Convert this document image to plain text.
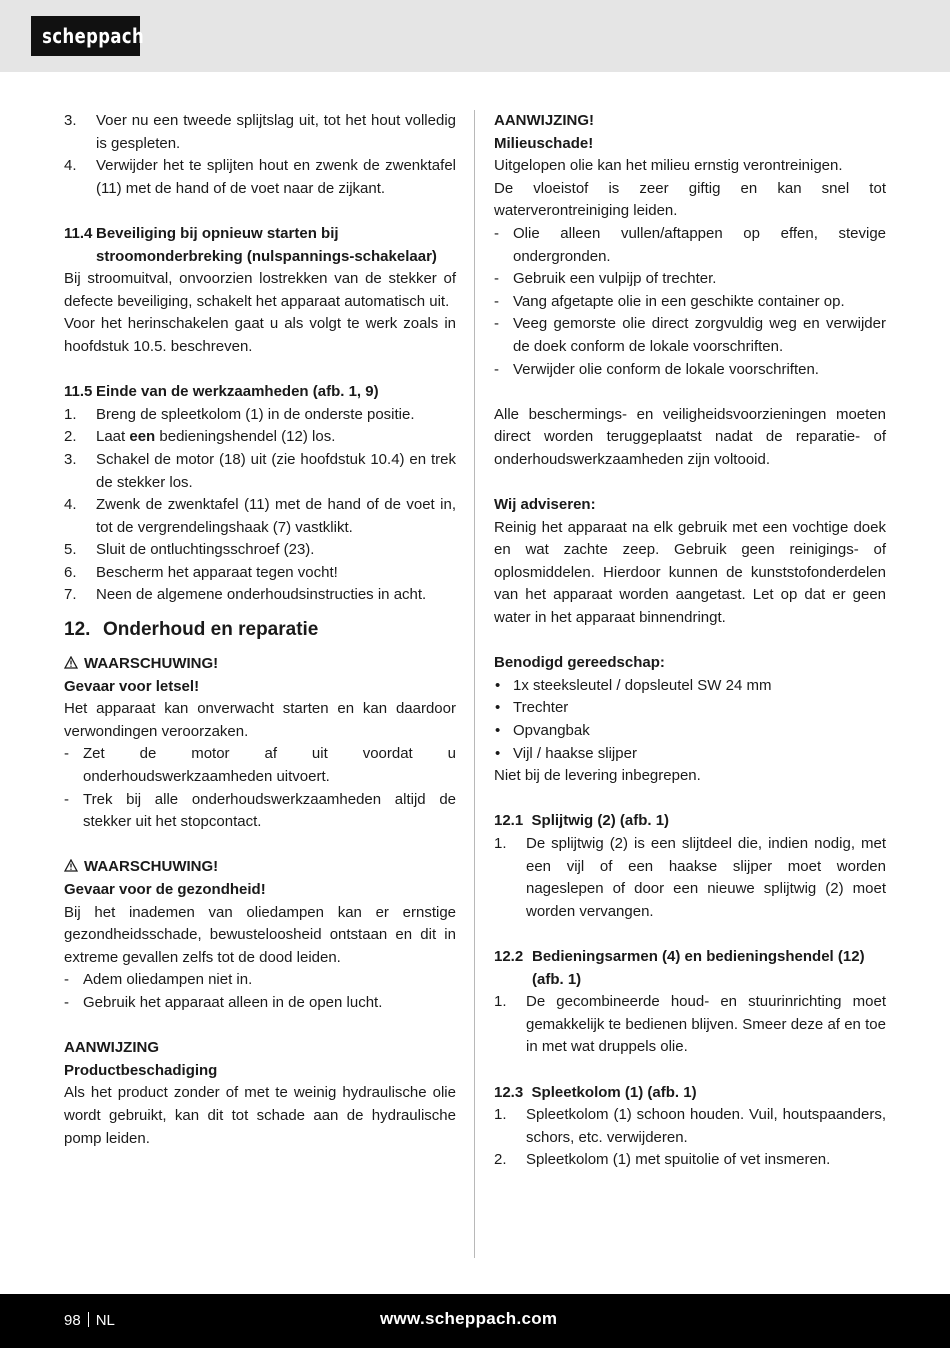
scheppach
3. Voer nu een tweede splijtslag uit, tot het hout volledig is gespleten.
4. Verwijder het te splijten hout en zwenk de zwenktafel (11) met de hand of de voet naar de zijkant.
11.4 Beveiliging bij opnieuw starten bij stroomonderbreking (nulspannings-schakelaar)

Bij stroomuitval, onvoorzien lostrekken van de stekker of defecte beveiliging, schakelt het apparaat automatisch uit.

Voor het herinschakelen gaat u als volgt te werk zoals in hoofdstuk 10.5. beschreven.

11.5 Einde van de werkzaamheden (afb. 1, 9)
1. Breng de spleetkolom (1) in de onderste positie.
2. Laat een bedieningshendel (12) los.
3. Schakel de motor (18) uit (zie hoofdstuk 10.4) en trek de stekker los.
4. Zwenk de zwenktafel (11) met de hand of de voet in, tot de vergrendelingshaak (7) vastklikt.
5. Sluit de ontluchtingsschroef (23).
6. Bescherm het apparaat tegen vocht!
7. Neen de algemene onderhoudsinstructies in acht.
12. Onderhoud en reparatie
WAARSCHUWING!
Gevaar voor letsel!

Het apparaat kan onverwacht starten en kan daardoor verwondingen veroorzaken.

- Zet de motor af uit voordat u onderhoudswerkzaamheden uitvoert.
- Trek bij alle onderhoudswerkzaamheden altijd de stekker uit het stopcontact.
WAARSCHUWING!
Gevaar voor de gezondheid!

Bij het inademen van oliedampen kan er ernstige gezondheidsschade, bewusteloosheid ontstaan en dit in extreme gevallen zelfs tot de dood leiden.

- Adem oliedampen niet in.
- Gebruik het apparaat alleen in de open lucht.
AANWIJZING
Productbeschadiging

Als het product zonder of met te weinig hydraulische olie wordt gebruikt, kan dit tot schade aan de hydraulische pomp leiden.

AANWIJZING!
Milieuschade!

Uitgelopen olie kan het milieu ernstig verontreinigen.

De vloeistof is zeer giftig en kan snel tot waterverontreiniging leiden.

- Olie alleen vullen/aftappen op effen, stevige ondergronden.
- Gebruik een vulpijp of trechter.
- Vang afgetapte olie in een geschikte container op.
- Veeg gemorste olie direct zorgvuldig weg en verwijder de doek conform de lokale voorschriften.
- Verwijder olie conform de lokale voorschriften.

Alle beschermings- en veiligheidsvoorzieningen moeten direct worden teruggeplaatst nadat de reparatie- of onderhoudswerkzaamheden zijn voltooid.

Wij adviseren:

Reinig het apparaat na elk gebruik met een vochtige doek en wat zachte zeep. Gebruik geen reinigings- of oplosmiddelen. Hierdoor kunnen de kunststofonderdelen van het apparaat worden aangetast. Let op dat er geen water in het apparaat binnendringt.

Benodigd gereedschap:
• 1x steeksleutel / dopsleutel SW 24 mm
• Trechter
• Opvangbak
• Vijl / haakse slijper

Niet bij de levering inbegrepen.

12.1 Splijtwig (2) (afb. 1)
1. De splijtwig (2) is een slijtdeel die, indien nodig, met een vijl of een haakse slijper moet worden nageslepen of door een nieuwe splijtwig (2) moet worden vervangen.
12.2 Bedieningsarmen (4) en bedieningshendel (12) (afb. 1)
1. De gecombineerde houd- en stuurinrichting moet gemakkelijk te bedienen blijven. Smeer deze af en toe in met wat druppels olie.
12.3 Spleetkolom (1) (afb. 1)
1. Spleetkolom (1) schoon houden. Vuil, houtspaanders, schors, etc. verwijderen.
2. Spleetkolom (1) met spuitolie of vet insmeren.
98 NL	www.scheppach.com
